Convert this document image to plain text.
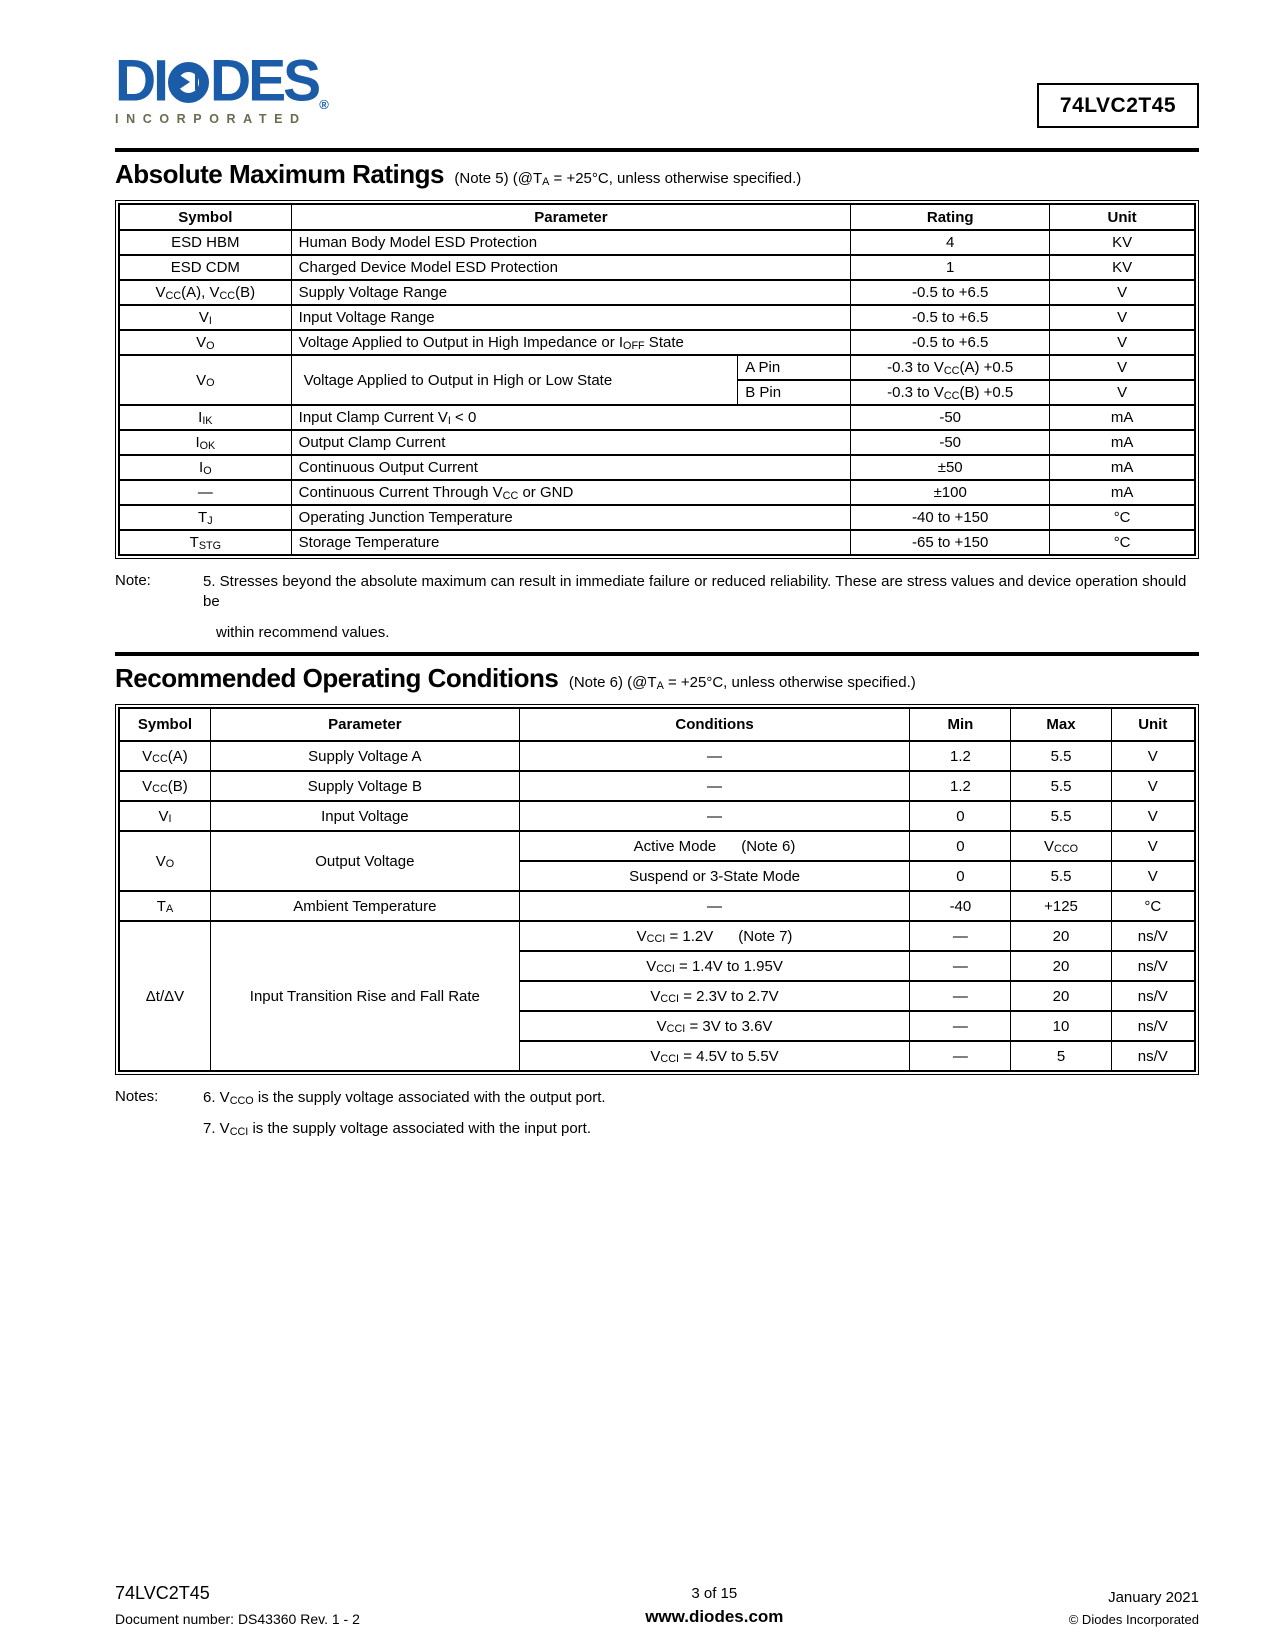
DI DES ®
INCORPORATED
74LVC2T45
Absolute Maximum Ratings (Note 5) ($@T_A = +25^\circ C$, unless otherwise specified.)
Symbol	Parameter		Rating	Unit
ESD HBM	Human Body Model ESD Protection		4	KV
ESD CDM	Charged Device Model ESD Protection		1	KV
$V_{CC}(A)$, $V_{CC}(B)$	Supply Voltage Range		-0.5 to +6.5	V
$V_I$	Input Voltage Range		-0.5 to +6.5	V
$V_O$	Voltage Applied to Output in High Impedance or $I_{OFF}$ State		-0.5 to +6.5	V
$V_O$	Voltage Applied to Output in High or Low State	A Pin	-0.3 to $V_{CC}(A) +0.5$	V
		B Pin	-0.3 to $V_{CC}(B) +0.5$	V
$I_{IK}$	Input Clamp Current $V_I < 0$		-50	mA
$I_{OK}$	Output Clamp Current		-50	mA
$I_O$	Continuous Output Current		±50	mA
—	Continuous Current Through $V_{CC}$ or GND		±100	mA
$T_J$	Operating Junction Temperature		-40 to +150	°C
$T_{STG}$	Storage Temperature		-65 to +150	°C
Note:	5. Stresses beyond the absolute maximum can result in immediate failure or reduced reliability. These are stress values and device operation should be
within recommend values.
Recommended Operating Conditions (Note 6) ($@T_A = +25^\circ C$, unless otherwise specified.)
Symbol	Parameter	Conditions	Min	Max	Unit
$V_{CC}(A)$	Supply Voltage A	—	1.2	5.5	V
$V_{CC}(B)$	Supply Voltage B	—	1.2	5.5	V
$V_I$	Input Voltage	—	0	5.5	V
$V_O$	Output Voltage	Active Mode      (Note 6)	0	$V_{CCO}$	V
		Suspend or 3-State Mode	0	5.5	V
$T_A$	Ambient Temperature	—	-40	+125	°C
Δt/ΔV	Input Transition Rise and Fall Rate	$V_{CCI} = 1.2V$      (Note 7)	—	20	ns/V
		$V_{CCI} = 1.4V$ to 1.95V	—	20	ns/V
		$V_{CCI} = 2.3V$ to 2.7V	—	20	ns/V
		$V_{CCI} = 3V$ to 3.6V	—	10	ns/V
		$V_{CCI} = 4.5V$ to 5.5V	—	5	ns/V
Notes:	6. $V_{CCO}$ is the supply voltage associated with the output port.
7. $V_{CCI}$ is the supply voltage associated with the input port.
74LVC2T45
Document number: DS43360 Rev. 1 - 2
3 of 15
www.diodes.com
January 2021
© Diodes Incorporated
